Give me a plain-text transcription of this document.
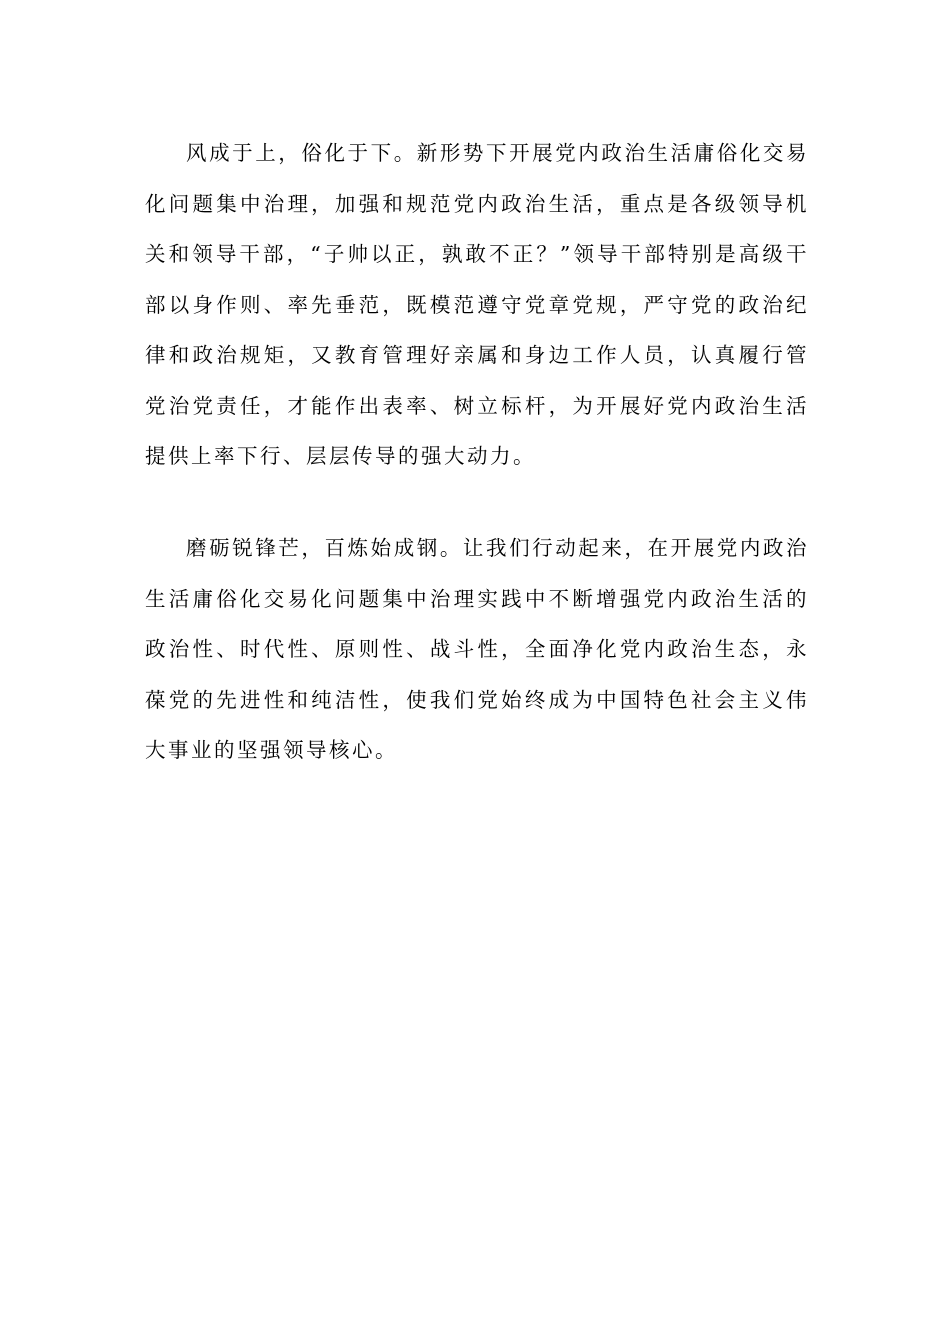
风成于上，俗化于下。新形势下开展党内政治生活庸俗化交易化问题集中治理，加强和规范党内政治生活，重点是各级领导机关和领导干部，“子帅以正，孰敢不正？”领导干部特别是高级干部以身作则、率先垂范，既模范遵守党章党规，严守党的政治纪律和政治规矩，又教育管理好亲属和身边工作人员，认真履行管党治党责任，才能作出表率、树立标杆，为开展好党内政治生活提供上率下行、层层传导的强大动力。

磨砺锐锋芒，百炼始成钢。让我们行动起来，在开展党内政治生活庸俗化交易化问题集中治理实践中不断增强党内政治生活的政治性、时代性、原则性、战斗性，全面净化党内政治生态，永葆党的先进性和纯洁性，使我们党始终成为中国特色社会主义伟大事业的坚强领导核心。
